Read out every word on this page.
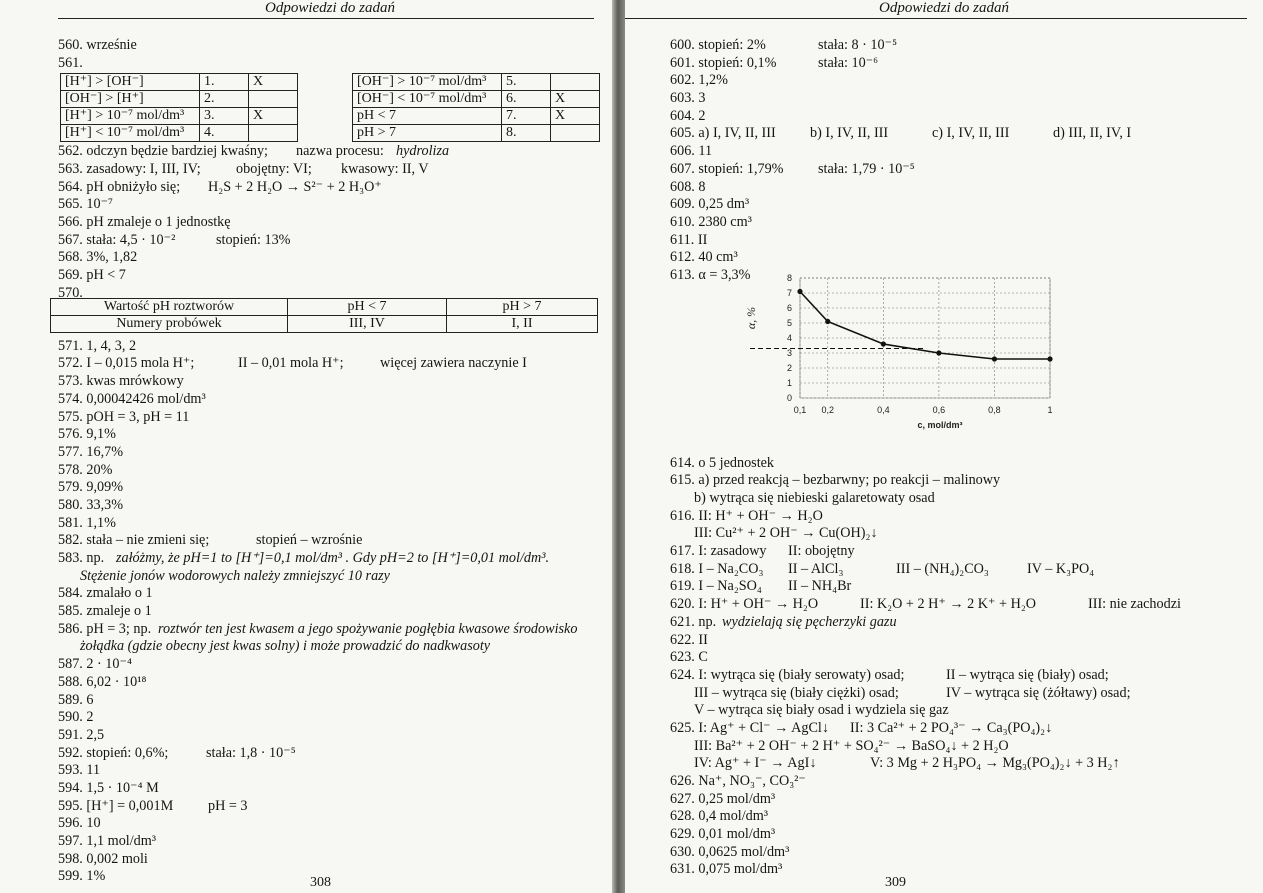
Odpowiedzi do zadań
560. wrześnie
561.
562. odczyn będzie bardziej kwaśny; nazwa procesu: hydroliza
563. zasadowy: I, III, IV; obojętny: VI; kwasowy: II, V
564. pH obniżyło się; H₂S + 2 H₂O → S²⁻ + 2 H₃O⁺
565. 10⁻⁷
566. pH zmaleje o 1 jednostkę
567. stała: 4,5 · 10⁻²	stopień: 13%
568. 3%, 1,82
569. pH < 7
570.
571. 1, 4, 3, 2
572. I – 0,015 mola H⁺;	II – 0,01 mola H⁺;	więcej zawiera naczynie I
573. kwas mrówkowy
574. 0,00042426 mol/dm³
575. pOH = 3, pH = 11
576. 9,1%
577. 16,7%
578. 20%
579. 9,09%
580. 33,3%
581. 1,1%
582. stała – nie zmieni się;	stopień – wzrośnie
583. np. załóżmy, że pH=1 to [H⁺]=0,1 mol/dm³ . Gdy pH=2 to [H⁺]=0,01 mol/dm³.
Stężenie jonów wodorowych należy zmniejszyć 10 razy
584. zmalało o 1
585. zmaleje o 1
586. pH = 3; np. roztwór ten jest kwasem a jego spożywanie pogłębia kwasowe środowisko
żołądka (gdzie obecny jest kwas solny) i może prowadzić do nadkwasoty
587. 2 · 10⁻⁴
588. 6,02 · 10¹⁸
589. 6
590. 2
591. 2,5
592. stopień: 0,6%;	stała: 1,8 · 10⁻⁵
593. 11
594. 1,5 · 10⁻⁴ M
595. [H⁺] = 0,001M pH = 3
596. 10
597. 1,1 mol/dm³
598. 0,002 moli
599. 1%
[H⁺] > [OH⁻]	1.	X
[OH⁻] > [H⁺]	2.	
[H⁺] > 10⁻⁷ mol/dm³	3.	X
[H⁺] < 10⁻⁷ mol/dm³	4.	
[OH⁻] > 10⁻⁷ mol/dm³	5.	
[OH⁻] < 10⁻⁷ mol/dm³	6.	X
pH < 7	7.	X
pH > 7	8.	
Wartość pH roztworów	pH < 7	pH > 7
Numery probówek	III, IV	I, II
308
Odpowiedzi do zadań
600. stopień: 2%	stała: 8 · 10⁻⁵
601. stopień: 0,1%	stała: 10⁻⁶
602. 1,2%
603. 3
604. 2
605. a) I, IV, II, III b) I, IV, II, III	c) I, IV, II, III	d) III, II, IV, I
606. 11
607. stopień: 1,79% stała: 1,79 · 10⁻⁵
608. 8
609. 0,25 dm³
610. 2380 cm³
611. II
612. 40 cm³
613. α = 3,3%
614. o 5 jednostek
615. a) przed reakcją – bezbarwny; po reakcji – malinowy
b) wytrąca się niebieski galaretowaty osad
616. II: H⁺ + OH⁻ → H₂O
III: Cu²⁺ + 2 OH⁻ → Cu(OH)₂↓
617. I: zasadowy II: obojętny
618. I – Na₂CO₃ II – AlCl₃	III – (NH₄)₂CO₃	IV – K₃PO₄
619. I – Na₂SO₄ II – NH₄Br
620. I: H⁺ + OH⁻ → H₂O	II: K₂O + 2 H⁺ → 2 K⁺ + H₂O	III: nie zachodzi
621. np. wydzielają się pęcherzyki gazu
622. II
623. C
624. I: wytrąca się (biały serowaty) osad;	II – wytrąca się (biały) osad;
III – wytrąca się (biały ciężki) osad;	IV – wytrąca się (żółtawy) osad;
V – wytrąca się biały osad i wydziela się gaz
625. I: Ag⁺ + Cl⁻ → AgCl↓ II: 3 Ca²⁺ + 2 PO₄³⁻ → Ca₃(PO₄)₂↓
III: Ba²⁺ + 2 OH⁻ + 2 H⁺ + SO₄²⁻ → BaSO₄↓ + 2 H₂O
IV: Ag⁺ + I⁻ → AgI↓	V: 3 Mg + 2 H₃PO₄ → Mg₃(PO₄)₂↓ + 3 H₂↑
626. Na⁺, NO₃⁻, CO₃²⁻
627. 0,25 mol/dm³
628. 0,4 mol/dm³
629. 0,01 mol/dm³
630. 0,0625 mol/dm³
631. 0,075 mol/dm³
0
1
2
3
4
5
6
7
8
0,1 0,2	0,4	0,6	0,8	1
α, %
c, mol/dm³
309
